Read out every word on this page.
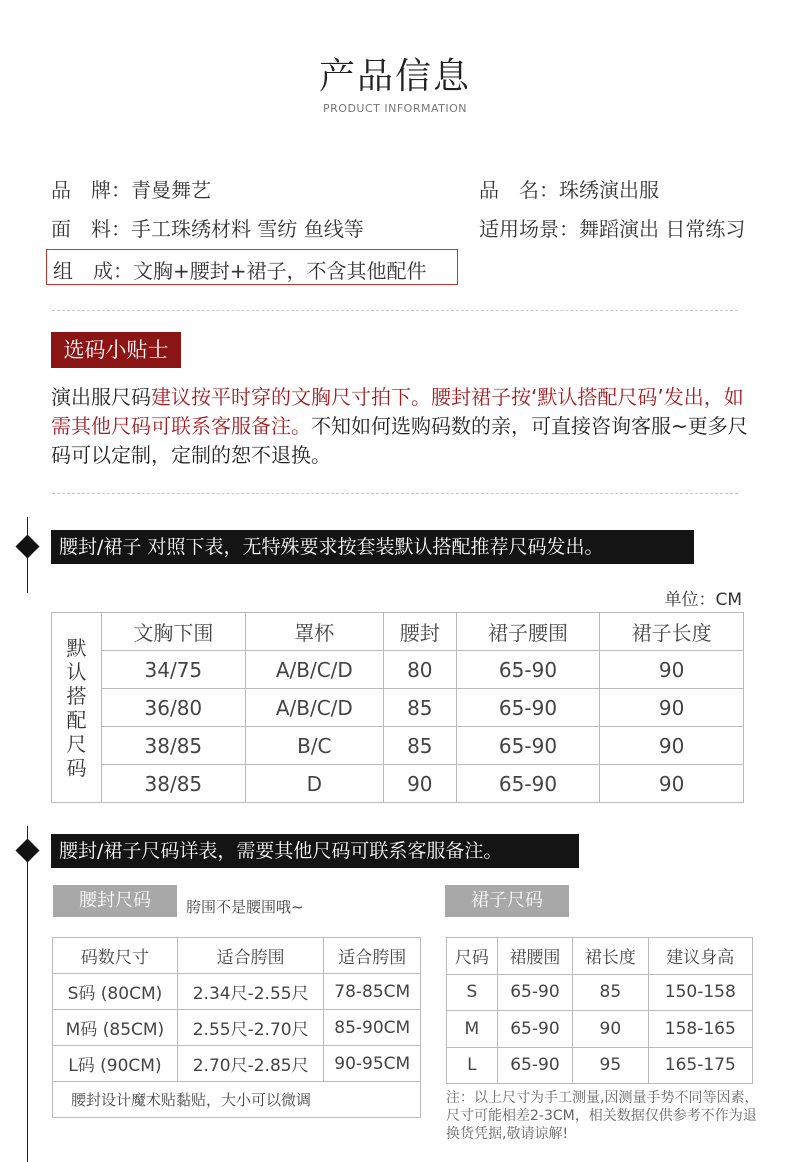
产品信息
PRODUCT INFORMATION
品　牌：青曼舞艺	品　名：珠绣演出服
面　料：手工珠绣材料 雪纺 鱼线等	适用场景：舞蹈演出 日常练习
组　成：文胸+腰封+裙子，不含其他配件
选码小贴士
演出服尺码建议按平时穿的文胸尺寸拍下。腰封裙子按‘默认搭配尺码’发出，如需其他尺码可联系客服备注。不知如何选购码数的亲，可直接咨询客服~更多尺码可以定制，定制的恕不退换。
腰封/裙子 对照下表，无特殊要求按套装默认搭配推荐尺码发出。
单位：CM
默认搭配尺码	文胸下围	罩杯	腰封	裙子腰围	裙子长度
	34/75	A/B/C/D	80	65-90	90
	36/80	A/B/C/D	85	65-90	90
	38/85	B/C	85	65-90	90
	38/85	D	90	65-90	90
腰封/裙子尺码详表，需要其他尺码可联系客服备注。
腰封尺码	胯围不是腰围哦~	裙子尺码
码数尺寸	适合胯围	适合胯围
S码 (80CM)	2.34尺-2.55尺	78-85CM
M码 (85CM)	2.55尺-2.70尺	85-90CM
L码 (90CM)	2.70尺-2.85尺	90-95CM
腰封设计魔术贴黏贴，大小可以微调		
尺码	裙腰围	裙长度	建议身高
S	65-90	85	150-158
M	65-90	90	158-165
L	65-90	95	165-175
注：以上尺寸为手工测量,因测量手势不同等因素，尺寸可能相差2-3CM，相关数据仅供参考不作为退换货凭据,敬请谅解!
